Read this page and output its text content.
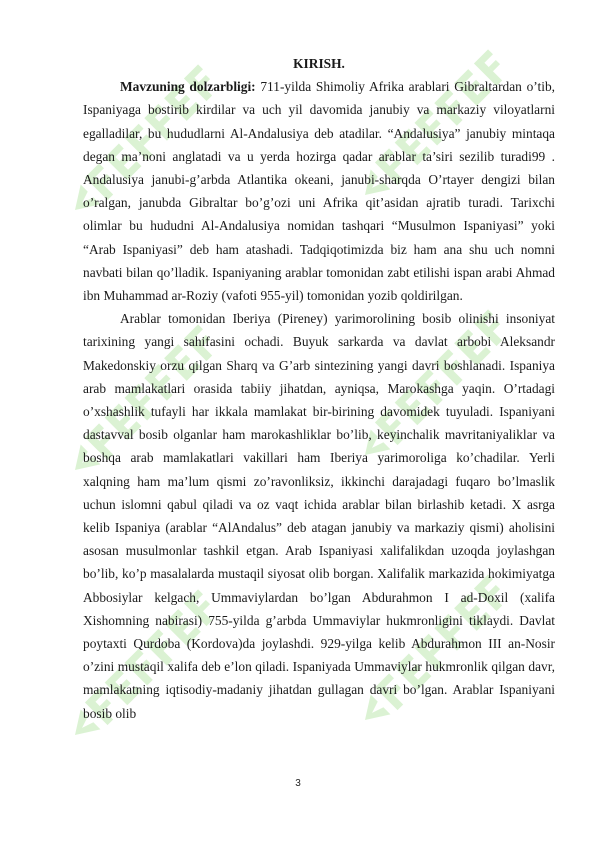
KIRISH.

Mavzuning dolzarbligi: 711-yilda Shimoliy Afrika arablari Gibraltardan o’tib, Ispaniyaga bostirib kirdilar va uch yil davomida janubiy va markaziy viloyatlarni egalladilar, bu hududlarni Al-Andalusiya deb atadilar. “Andalusiya” janubiy mintaqa degan ma’noni anglatadi va u yerda hozirga qadar arablar ta’siri sezilib turadi99 . Andalusiya janubi-g’arbda Atlantika okeani, janubi-sharqda O’rtayer dengizi bilan o’ralgan, janubda Gibraltar bo’g’ozi uni Afrika qit’asidan ajratib turadi. Tarixchi olimlar bu hududni Al-Andalusiya nomidan tashqari “Musulmon Ispaniyasi” yoki “Arab Ispaniyasi” deb ham atashadi. Tadqiqotimizda biz ham ana shu uch nomni navbati bilan qo’lladik. Ispaniyaning arablar tomonidan zabt etilishi ispan arabi Ahmad ibn Muhammad ar-Roziy (vafoti 955-yil) tomonidan yozib qoldirilgan.

Arablar tomonidan Iberiya (Pireney) yarimorolining bosib olinishi insoniyat tarixining yangi sahifasini ochadi. Buyuk sarkarda va davlat arbobi Aleksandr Makedonskiy orzu qilgan Sharq va G’arb sintezining yangi davri boshlanadi. Ispaniya arab mamlakatlari orasida tabiiy jihatdan, ayniqsa, Marokashga yaqin. O’rtadagi o’xshashlik tufayli har ikkala mamlakat bir-birining davomidek tuyuladi. Ispaniyani dastavval bosib olganlar ham marokashliklar bo’lib, keyinchalik mavritaniyaliklar va boshqa arab mamlakatlari vakillari ham Iberiya yarimoroliga ko’chadilar. Yerli xalqning ham ma’lum qismi zo’ravonliksiz, ikkinchi darajadagi fuqaro bo’lmaslik uchun islomni qabul qiladi va oz vaqt ichida arablar bilan birlashib ketadi. X asrga kelib Ispaniya (arablar “AlAndalus” deb atagan janubiy va markaziy qismi) aholisini asosan musulmonlar tashkil etgan. Arab Ispaniyasi xalifalikdan uzoqda joylashgan bo’lib, ko’p masalalarda mustaqil siyosat olib borgan. Xalifalik markazida hokimiyatga Abbosiylar kelgach, Ummaviylardan bo’lgan Abdurahmon I ad-Doxil (xalifa Xishomning nabirasi) 755-yilda g’arbda Ummaviylar hukmronligini tiklaydi. Davlat poytaxti Qurdoba (Kordova)da joylashdi. 929-yilga kelib Abdurahmon III an-Nosir o’zini mustaqil xalifa deb e’lon qiladi. Ispaniyada Ummaviylar hukmronlik qilgan davr, mamlakatning iqtisodiy-madaniy jihatdan gullagan davri bo’lgan. Arablar Ispaniyani bosib olib

3
